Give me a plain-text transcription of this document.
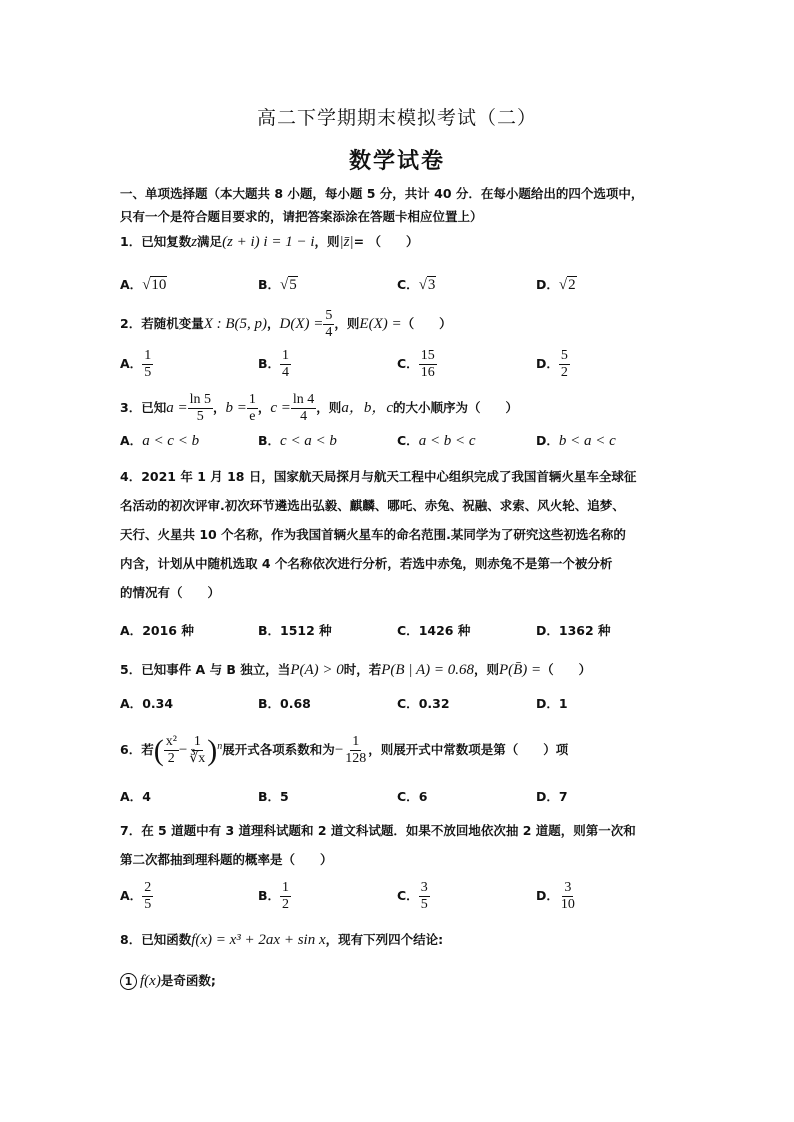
高二下学期期末模拟考试（二）
数学试卷
一、单项选择题（本大题共 8 小题，每小题 5 分，共计 40 分．在每小题给出的四个选项中，
只有一个是符合题目要求的，请把答案添涂在答题卡相应位置上）
1．已知复数z满足(z + i) i = 1 − i，则|z̄|= （　　）
A．√10	B．√5	C．√3	D．√2
2．若随机变量X : B(5, p)，$D(X) = \frac{5}{4}$ ，则E(X) =（　　）
A． $\frac{1}{5}$	B． $\frac{1}{4}$	C． $\frac{15}{16}$	D． $\frac{5}{2}$
3．已知$a = \frac{\ln 5}{5}$ ，$b = \frac{1}{e}$ ，$c = \frac{\ln 4}{4}$ ，则a，b，c的大小顺序为（　　）
A．a < c < b	B．c < a < b	C．a < b < c	D．b < a < c
4．2021 年 1 月 18 日，国家航天局探月与航天工程中心组织完成了我国首辆火星车全球征
名活动的初次评审.初次环节遴选出弘毅、麒麟、哪吒、赤兔、祝融、求索、风火轮、追梦、
天行、火星共 10 个名称，作为我国首辆火星车的命名范围.某同学为了研究这些初选名称的
内含，计划从中随机选取 4 个名称依次进行分析，若选中赤兔，则赤兔不是第一个被分析
的情况有（　　）
A．2016 种	B．1512 种	C．1426 种	D．1362 种
5．已知事件 A 与 B 独立，当P(A) > 0时，若P(B | A) = 0.68，则P(B̄) =（　　）
A．0.34	B．0.68	C．0.32	D．1
6．若( $\frac{\text{x²}}{2} - \frac{1}{∛x} )^n$展开式各项系数和为− $\frac{1}{128}$ ，则展开式中常数项是第（　　）项
A．4	B．5	C．6	D．7
7．在 5 道题中有 3 道理科试题和 2 道文科试题．如果不放回地依次抽 2 道题，则第一次和
第二次都抽到理科题的概率是（　　）
A． $\frac{2}{5}$	B． $\frac{1}{2}$	C． $\frac{3}{5}$	D． $\frac{3}{10}$
8．已知函数f(x) = x³ + 2ax + sin x，现有下列四个结论:
1 f(x)是奇函数;
